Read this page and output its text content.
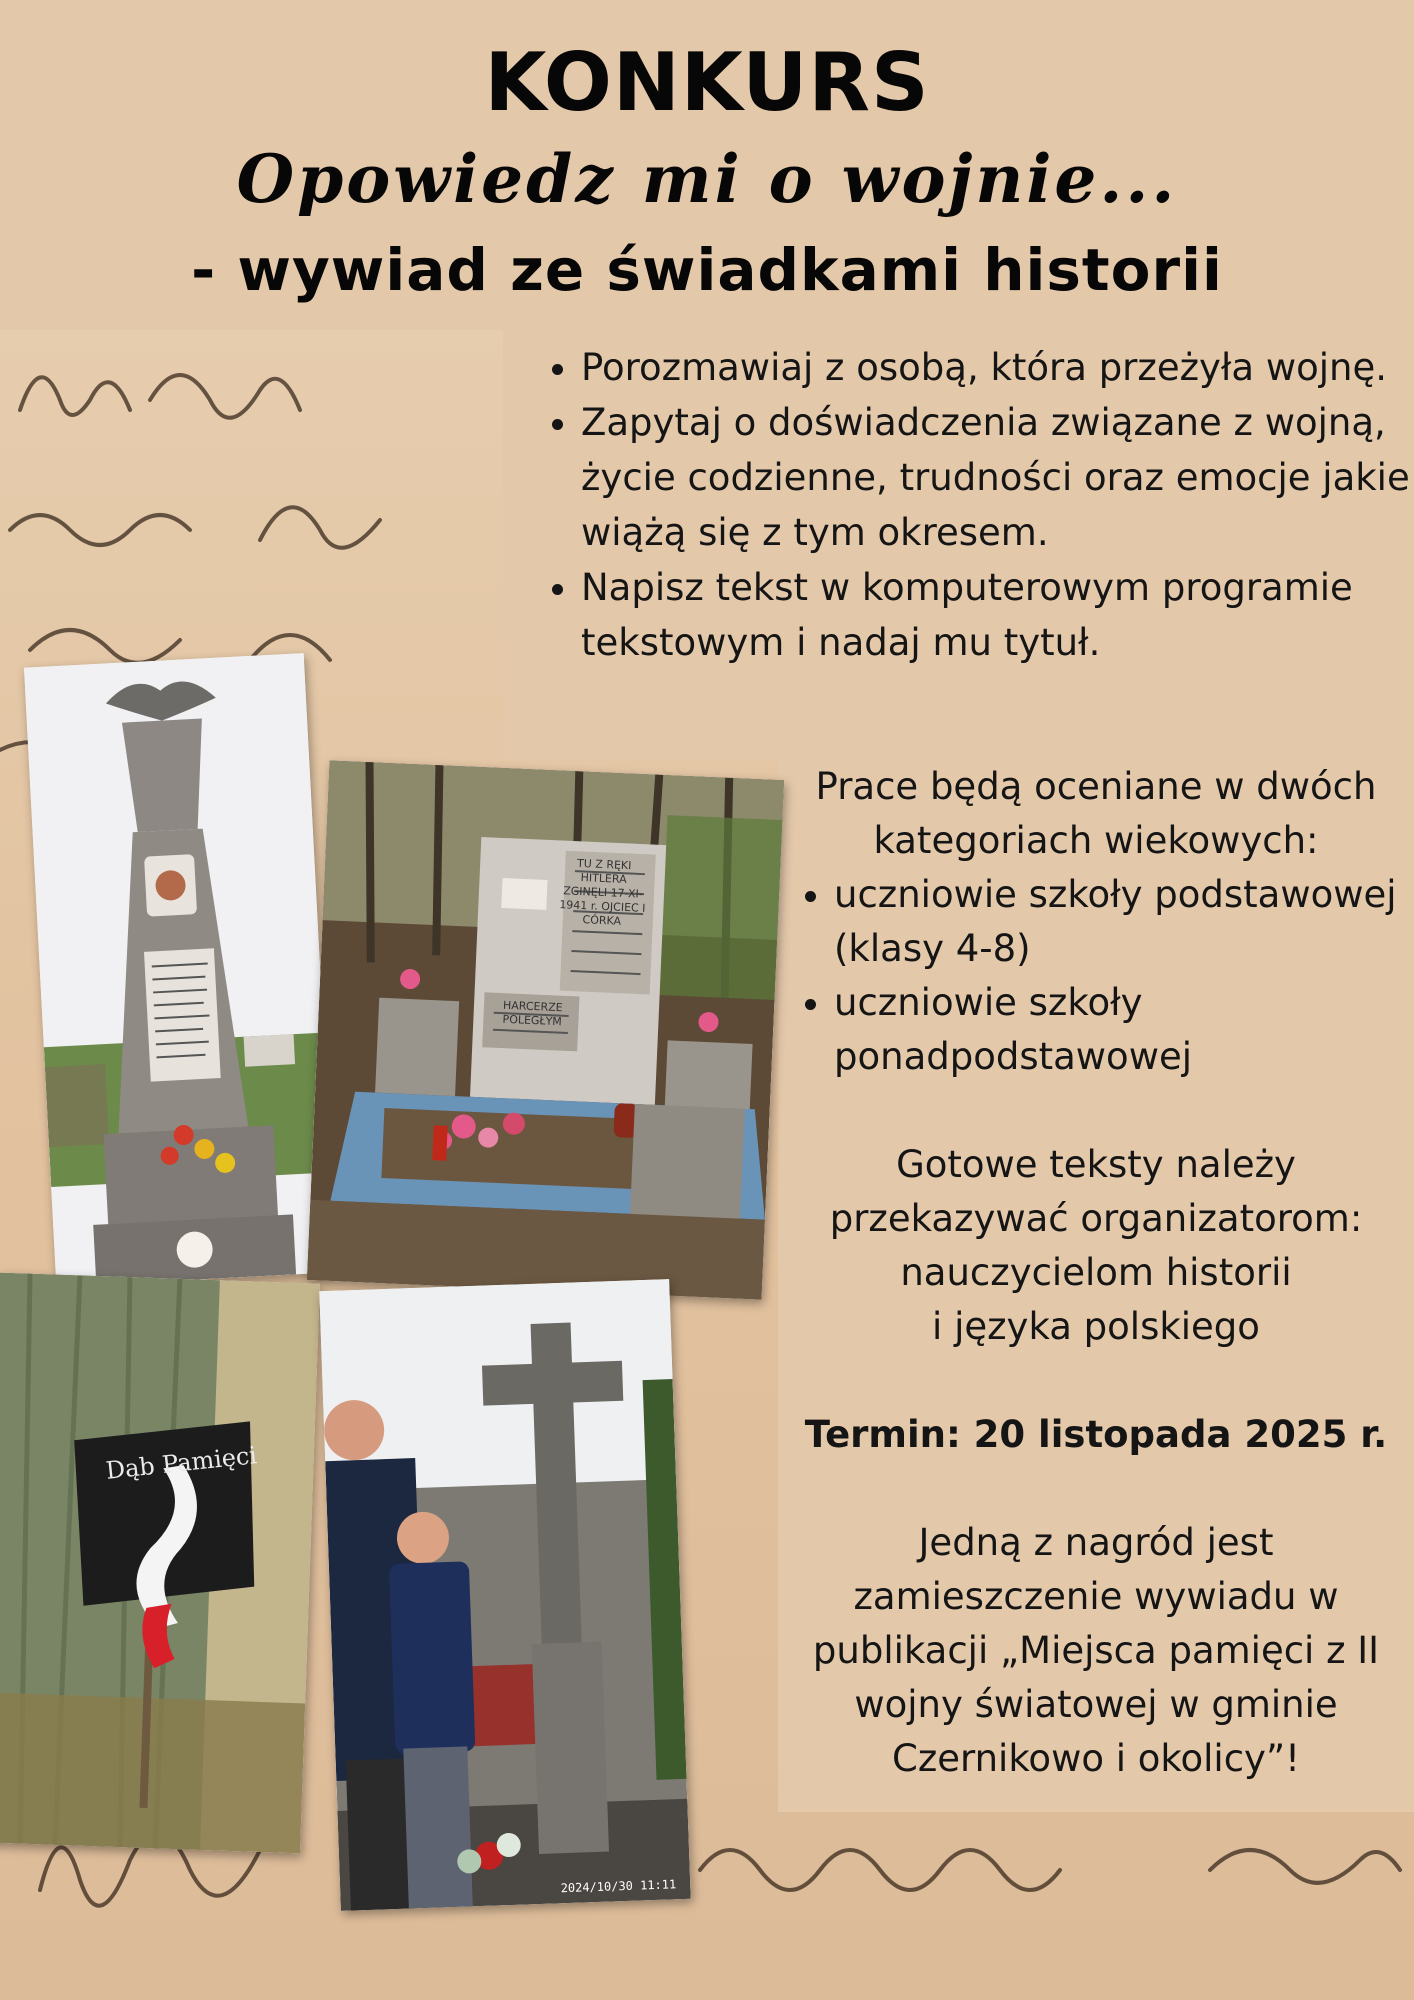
KONKURS
Opowiedz mi o wojnie...
- wywiad ze świadkami historii
• Porozmawiaj z osobą, która przeżyła wojnę.
• Zapytaj o doświadczenia związane z wojną, życie codzienne, trudności oraz emocje jakie wiążą się z tym okresem.
• Napisz tekst w komputerowym programie tekstowym i nadaj mu tytuł.

Prace będą oceniane w dwóch kategoriach wiekowych:

• uczniowie szkoły podstawowej (klasy 4-8)
• uczniowie szkoły ponadpodstawowej

Gotowe teksty należy przekazywać organizatorom:

nauczycielom historii

i języka polskiego

Termin: 20 listopada 2025 r.

Jedną z nagród jest zamieszczenie wywiadu w publikacji „Miejsca pamięci z II wojny światowej w gminie Czernikowo i okolicy”!

Dąb Pamięci
2024/10/30 11:11
TU Z RĘKI HITLERA ZGINĘLI 17-XI-1941 r. OJCIEC I CÓRKA
HARCERZE POLEGŁYM
